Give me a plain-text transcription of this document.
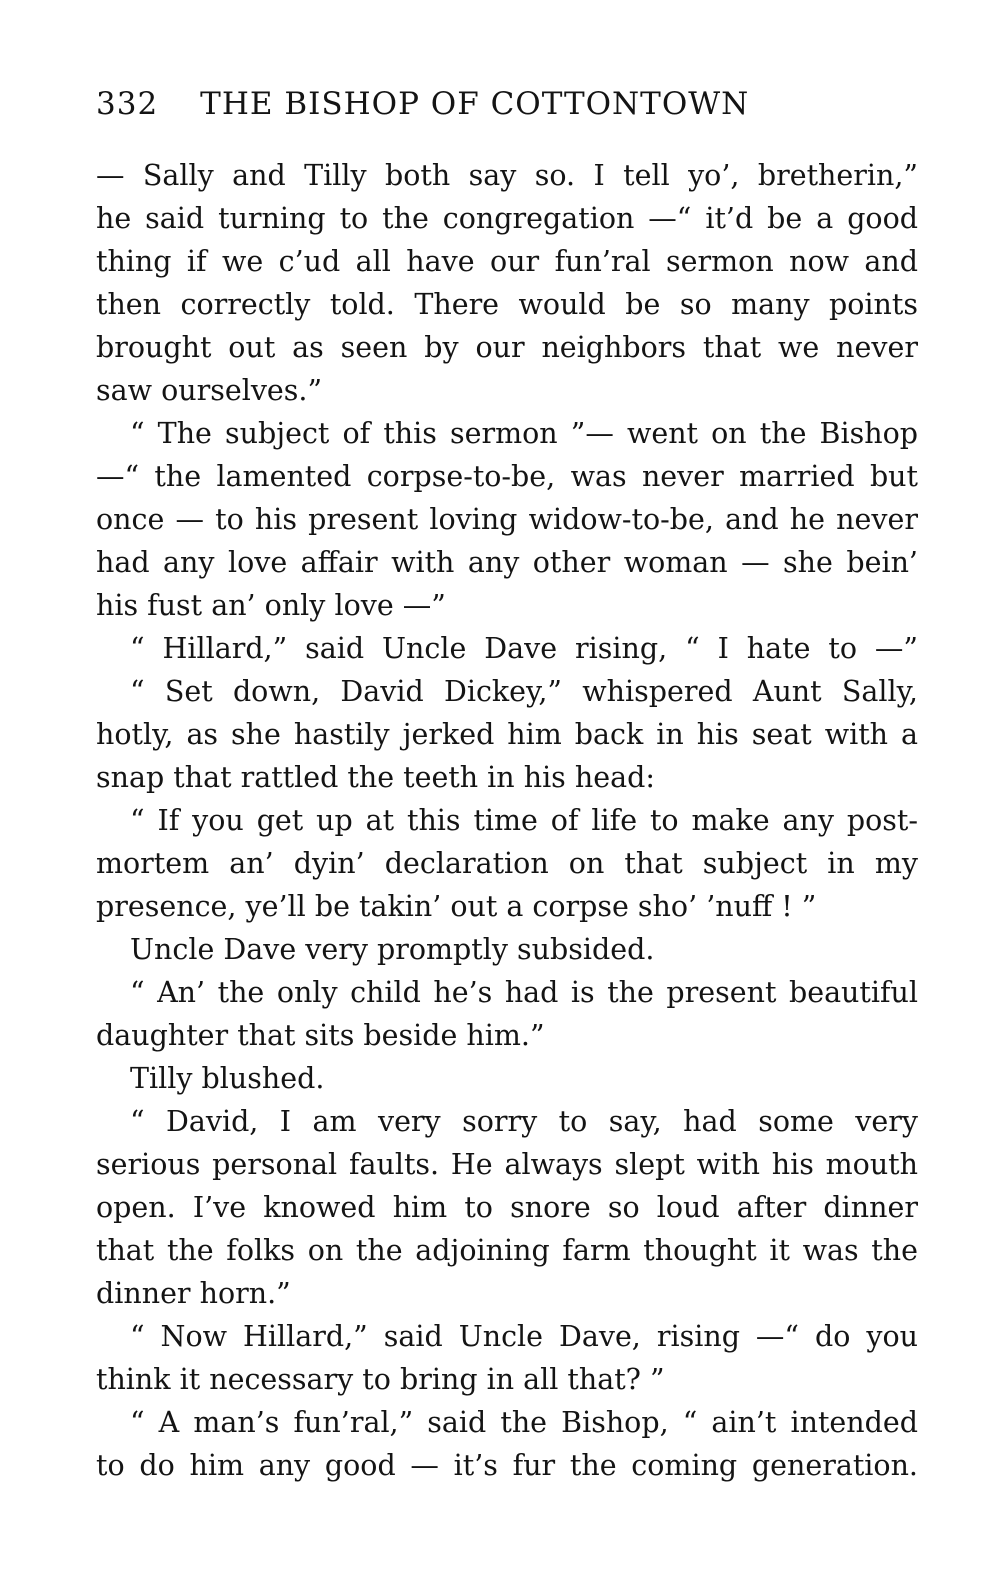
332 THE BISHOP OF COTTONTOWN
— Sally and Tilly both say so. I tell yo’, bretherin,”
he said turning to the congregation —“ it’d be a good
thing if we c’ud all have our fun’ral sermon now and
then correctly told. There would be so many points
brought out as seen by our neighbors that we never
saw ourselves.”
“ The subject of this sermon ”— went on the Bishop
—“ the lamented corpse-to-be, was never married but
once — to his present loving widow-to-be, and he never
had any love affair with any other woman — she bein’
his fust an’ only love —”
“ Hillard,” said Uncle Dave rising, “ I hate to —”
“ Set down, David Dickey,” whispered Aunt Sally,
hotly, as she hastily jerked him back in his seat with a
snap that rattled the teeth in his head:
“ If you get up at this time of life to make any post-
mortem an’ dyin’ declaration on that subject in my
presence, ye’ll be takin’ out a corpse sho’ ’nuff ! ”
Uncle Dave very promptly subsided.
“ An’ the only child he’s had is the present beautiful
daughter that sits beside him.”
Tilly blushed.
“ David, I am very sorry to say, had some very
serious personal faults. He always slept with his mouth
open. I’ve knowed him to snore so loud after dinner
that the folks on the adjoining farm thought it was the
dinner horn.”
“ Now Hillard,” said Uncle Dave, rising —“ do you
think it necessary to bring in all that? ”
“ A man’s fun’ral,” said the Bishop, “ ain’t intended
to do him any good — it’s fur the coming generation.
